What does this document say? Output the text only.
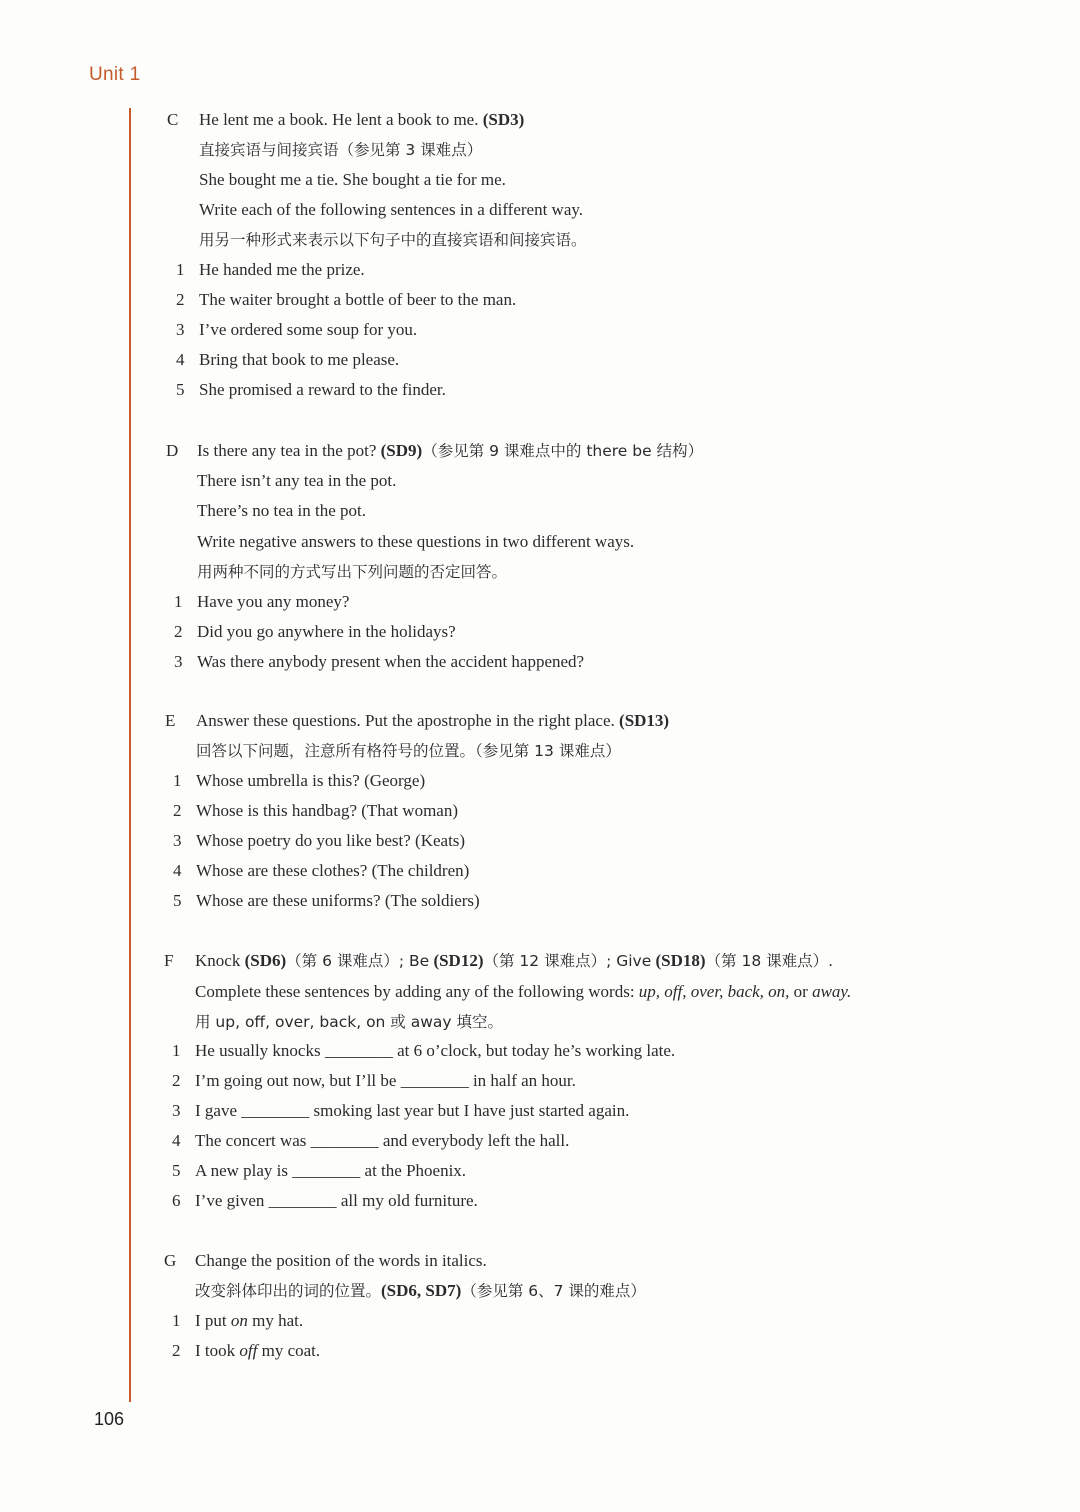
Unit 1
C He lent me a book. He lent a book to me. (SD3)
直接宾语与间接宾语（参见第 3 课难点）
She bought me a tie. She bought a tie for me.
Write each of the following sentences in a different way.
用另一种形式来表示以下句子中的直接宾语和间接宾语。
1 He handed me the prize.
2 The waiter brought a bottle of beer to the man.
3 I’ve ordered some soup for you.
4 Bring that book to me please.
5 She promised a reward to the finder.
D Is there any tea in the pot? (SD9)（参见第 9 课难点中的 there be 结构）
There isn’t any tea in the pot.
There’s no tea in the pot.
Write negative answers to these questions in two different ways.
用两种不同的方式写出下列问题的否定回答。
1 Have you any money?
2 Did you go anywhere in the holidays?
3 Was there anybody present when the accident happened?
E Answer these questions. Put the apostrophe in the right place. (SD13)
回答以下问题，注意所有格符号的位置。（参见第 13 课难点）
1 Whose umbrella is this? (George)
2 Whose is this handbag? (That woman)
3 Whose poetry do you like best? (Keats)
4 Whose are these clothes? (The children)
5 Whose are these uniforms? (The soldiers)
F Knock (SD6)（第 6 课难点）; Be (SD12)（第 12 课难点）; Give (SD18)（第 18 课难点）.
Complete these sentences by adding any of the following words: up, off, over, back, on, or away.
用 up, off, over, back, on 或 away 填空。
1 He usually knocks ________ at 6 o’clock, but today he’s working late.
2 I’m going out now, but I’ll be ________ in half an hour.
3 I gave ________ smoking last year but I have just started again.
4 The concert was ________ and everybody left the hall.
5 A new play is ________ at the Phoenix.
6 I’ve given ________ all my old furniture.
G Change the position of the words in italics.
改变斜体印出的词的位置。(SD6, SD7)（参见第 6、7 课的难点）
1 I put on my hat.
2 I took off my coat.
106
